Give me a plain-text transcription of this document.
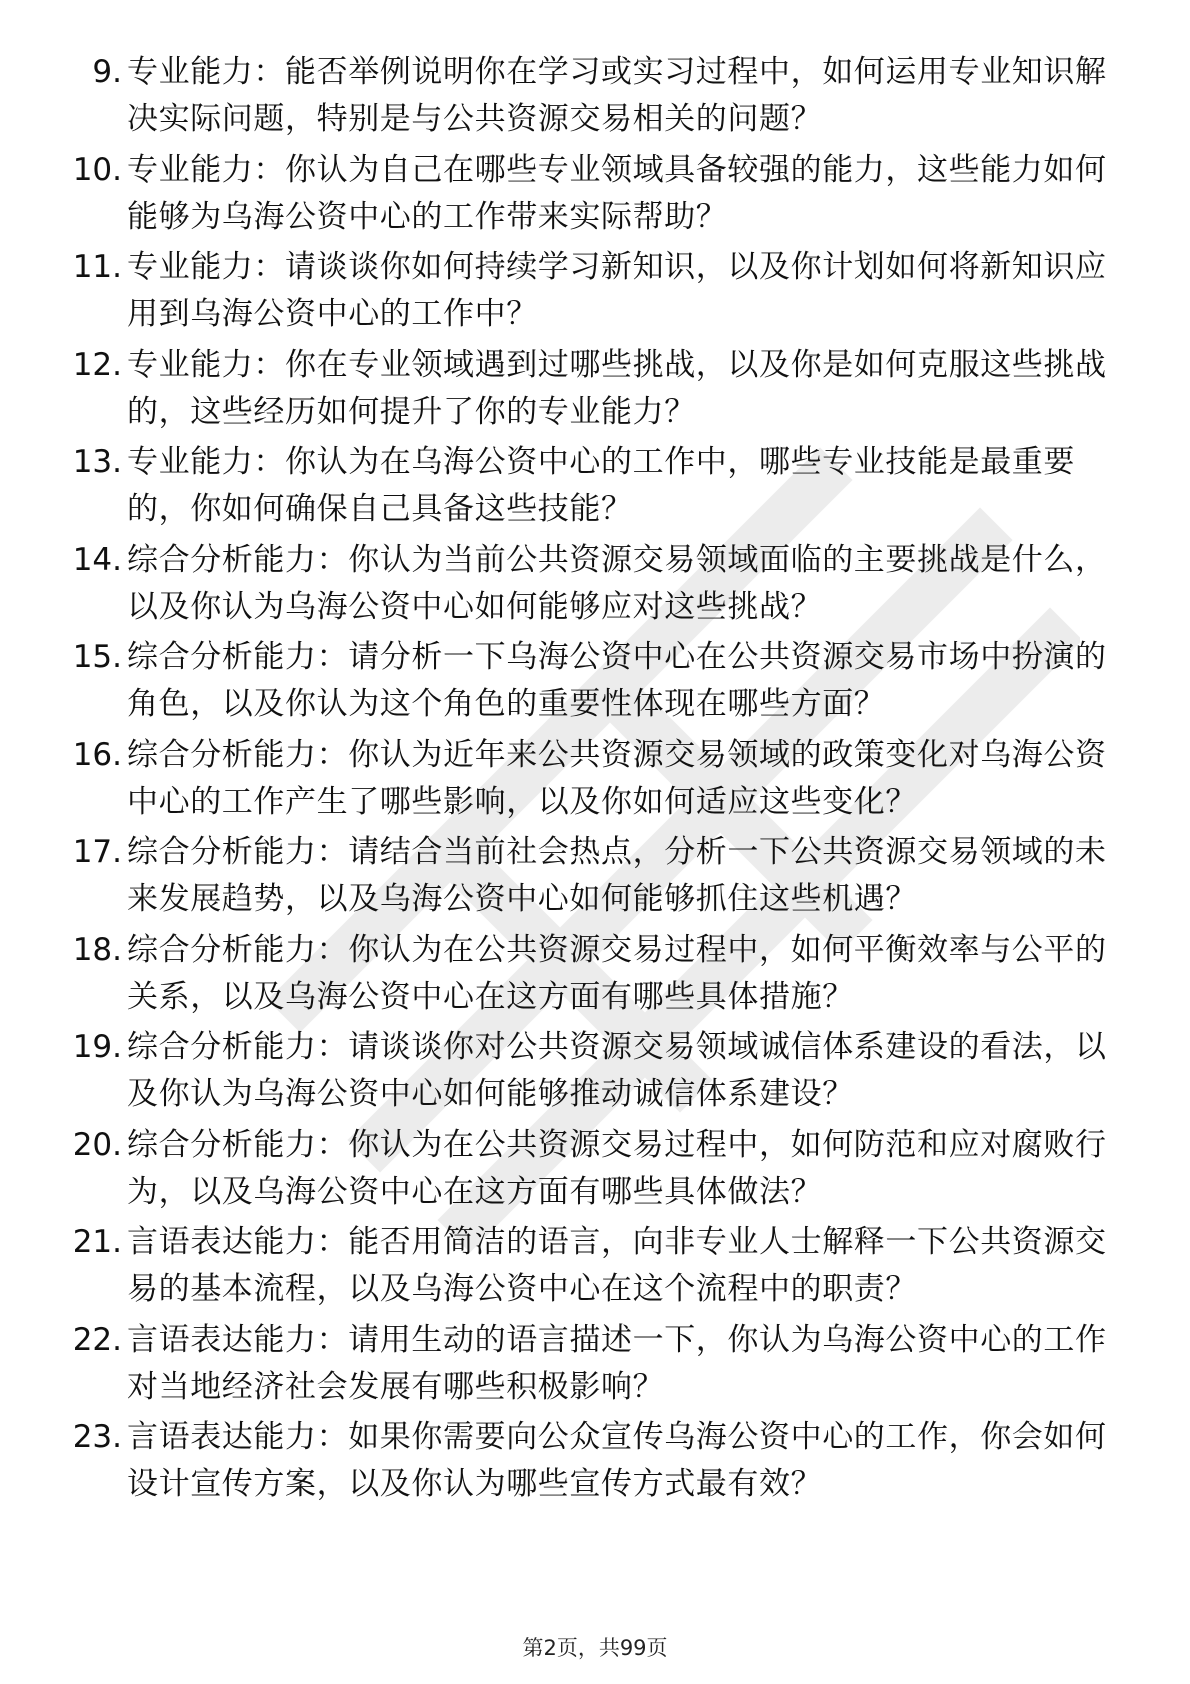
9. 专业能力：能否举例说明你在学习或实习过程中，如何运用专业知识解决实际问题，特别是与公共资源交易相关的问题？
10. 专业能力：你认为自己在哪些专业领域具备较强的能力，这些能力如何能够为乌海公资中心的工作带来实际帮助？
11. 专业能力：请谈谈你如何持续学习新知识，以及你计划如何将新知识应用到乌海公资中心的工作中？
12. 专业能力：你在专业领域遇到过哪些挑战，以及你是如何克服这些挑战的，这些经历如何提升了你的专业能力？
13. 专业能力：你认为在乌海公资中心的工作中，哪些专业技能是最重要的，你如何确保自己具备这些技能？
14. 综合分析能力：你认为当前公共资源交易领域面临的主要挑战是什么，以及你认为乌海公资中心如何能够应对这些挑战？
15. 综合分析能力：请分析一下乌海公资中心在公共资源交易市场中扮演的角色，以及你认为这个角色的重要性体现在哪些方面？
16. 综合分析能力：你认为近年来公共资源交易领域的政策变化对乌海公资中心的工作产生了哪些影响，以及你如何适应这些变化？
17. 综合分析能力：请结合当前社会热点，分析一下公共资源交易领域的未来发展趋势，以及乌海公资中心如何能够抓住这些机遇？
18. 综合分析能力：你认为在公共资源交易过程中，如何平衡效率与公平的关系，以及乌海公资中心在这方面有哪些具体措施？
19. 综合分析能力：请谈谈你对公共资源交易领域诚信体系建设的看法，以及你认为乌海公资中心如何能够推动诚信体系建设？
20. 综合分析能力：你认为在公共资源交易过程中，如何防范和应对腐败行为，以及乌海公资中心在这方面有哪些具体做法？
21. 言语表达能力：能否用简洁的语言，向非专业人士解释一下公共资源交易的基本流程，以及乌海公资中心在这个流程中的职责？
22. 言语表达能力：请用生动的语言描述一下，你认为乌海公资中心的工作对当地经济社会发展有哪些积极影响？
23. 言语表达能力：如果你需要向公众宣传乌海公资中心的工作，你会如何设计宣传方案，以及你认为哪些宣传方式最有效？
第2页，共99页
